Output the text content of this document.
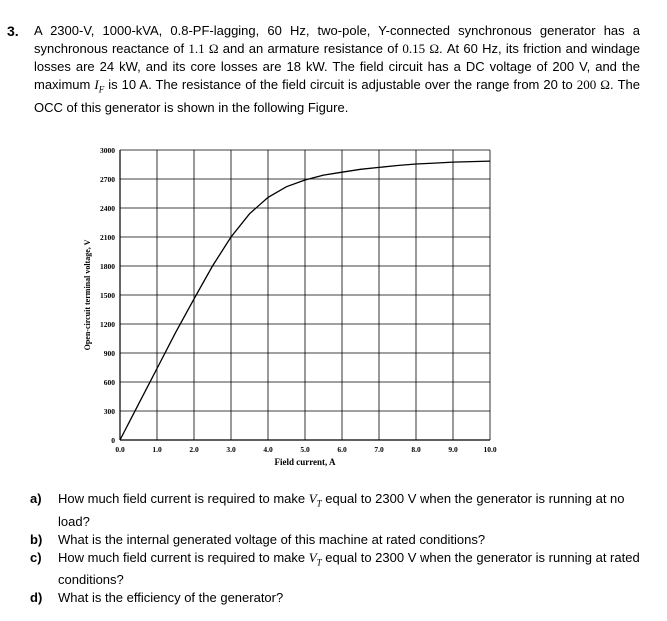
3. A 2300-V, 1000-kVA, 0.8-PF-lagging, 60 Hz, two-pole, Y-connected synchronous generator has a synchronous reactance of 1.1 Ω and an armature resistance of 0.15 Ω. At 60 Hz, its friction and windage losses are 24 kW, and its core losses are 18 kW. The field circuit has a DC voltage of 200 V, and the maximum $I_F$ is 10 A. The resistance of the field circuit is adjustable over the range from 20 to 200 Ω. The OCC of this generator is shown in the following Figure.
0
300
600
900
1200
1500
1800
2100
2400
2700
3000
0.0	1.0	2.0	3.0	4.0	5.0	6.0	7.0	8.0	9.0	10.0
Field current, A
Open-circuit terminal voltage, V
a)	How much field current is required to make $V_T$ equal to 2300 V when the generator is running at no load?
b)	What is the internal generated voltage of this machine at rated conditions?
c)	How much field current is required to make $V_T$ equal to 2300 V when the generator is running at rated conditions?
d)	What is the efficiency of the generator?
